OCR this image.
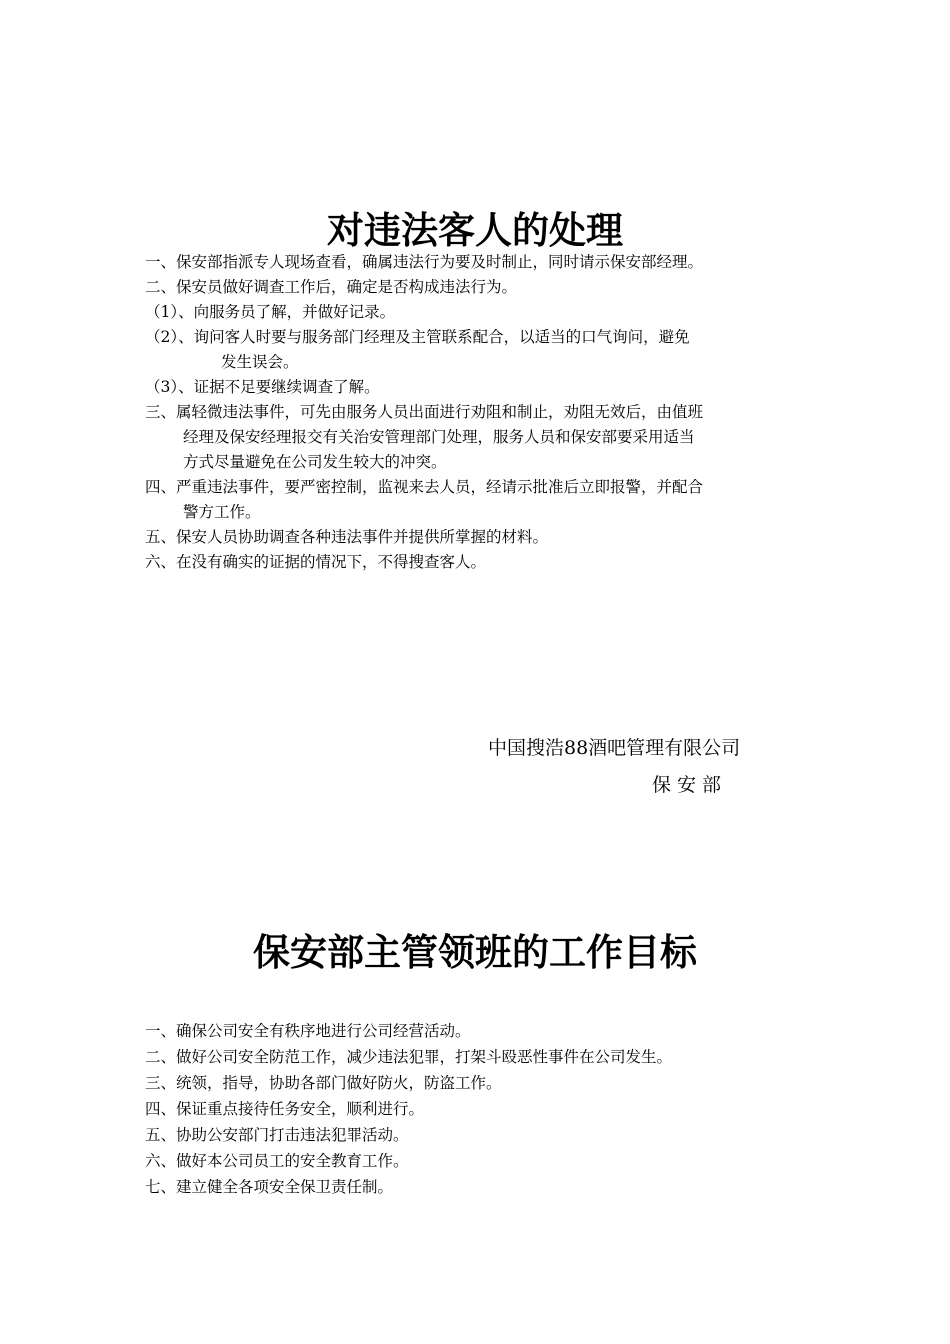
对违法客人的处理
一、保安部指派专人现场查看，确属违法行为要及时制止，同时请示保安部经理。
二、保安员做好调查工作后，确定是否构成违法行为。
（1）、向服务员了解，并做好记录。
（2）、询问客人时要与服务部门经理及主管联系配合，以适当的口气询问，避免
发生误会。
（3）、证据不足要继续调查了解。
三、属轻微违法事件，可先由服务人员出面进行劝阻和制止，劝阻无效后，由值班
经理及保安经理报交有关治安管理部门处理，服务人员和保安部要采用适当
方式尽量避免在公司发生较大的冲突。
四、严重违法事件，要严密控制，监视来去人员，经请示批准后立即报警，并配合
警方工作。
五、保安人员协助调查各种违法事件并提供所掌握的材料。
六、在没有确实的证据的情况下，不得搜查客人。
中国搜浩88酒吧管理有限公司
保安部
保安部主管领班的工作目标
一、确保公司安全有秩序地进行公司经营活动。
二、做好公司安全防范工作，减少违法犯罪，打架斗殴恶性事件在公司发生。
三、统领，指导，协助各部门做好防火，防盗工作。
四、保证重点接待任务安全，顺利进行。
五、协助公安部门打击违法犯罪活动。
六、做好本公司员工的安全教育工作。
七、建立健全各项安全保卫责任制。
